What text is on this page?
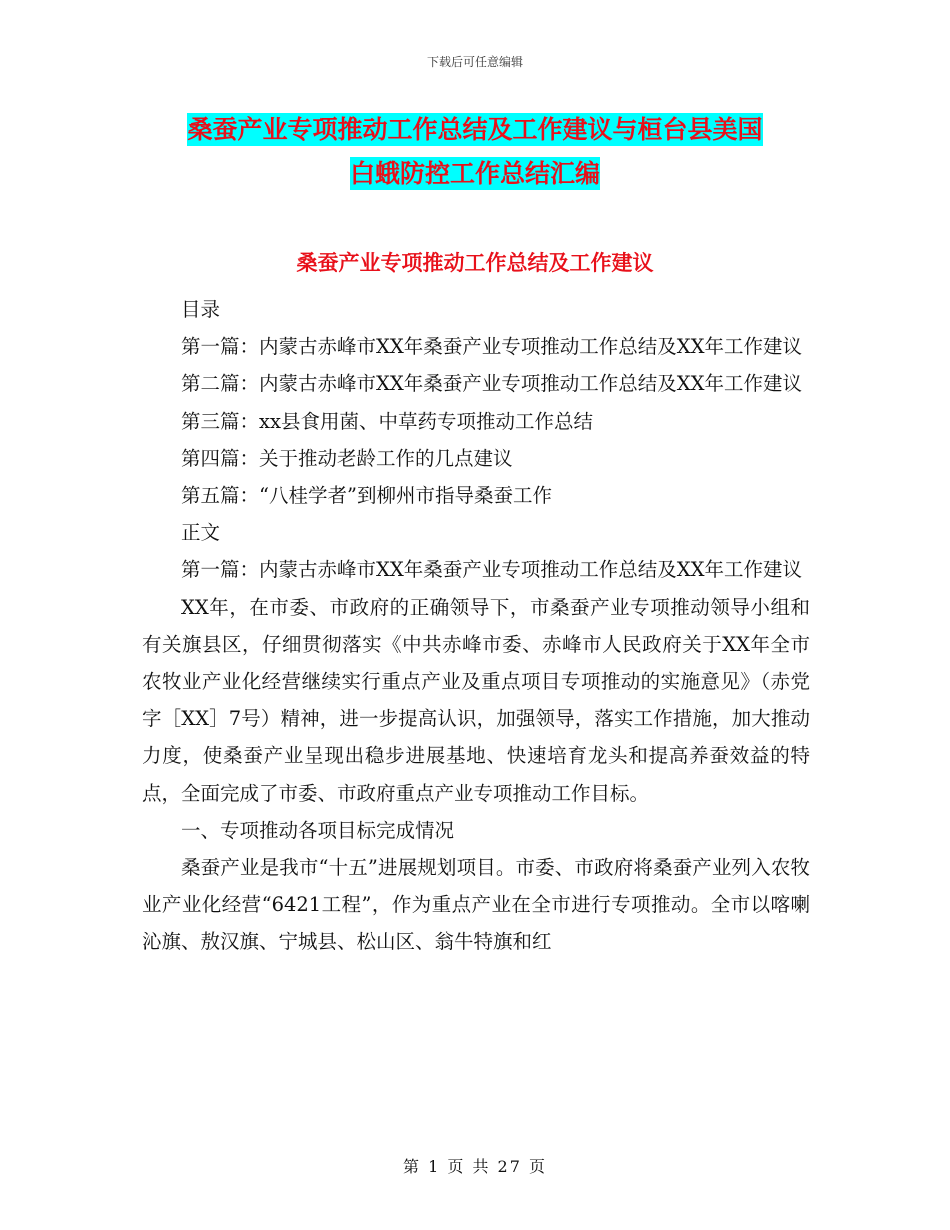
下载后可任意编辑
桑蚕产业专项推动工作总结及工作建议与桓台县美国
白蛾防控工作总结汇编
桑蚕产业专项推动工作总结及工作建议

目录

第一篇：内蒙古赤峰市XX年桑蚕产业专项推动工作总结及XX年工作建议

第二篇：内蒙古赤峰市XX年桑蚕产业专项推动工作总结及XX年工作建议

第三篇：xx县食用菌、中草药专项推动工作总结

第四篇：关于推动老龄工作的几点建议

第五篇：“八桂学者”到柳州市指导桑蚕工作

正文

第一篇：内蒙古赤峰市XX年桑蚕产业专项推动工作总结及XX年工作建议

XX年，在市委、市政府的正确领导下，市桑蚕产业专项推动领导小组和有关旗县区，仔细贯彻落实《中共赤峰市委、赤峰市人民政府关于XX年全市农牧业产业化经营继续实行重点产业及重点项目专项推动的实施意见》（赤党字［XX］7号）精神，进一步提高认识，加强领导，落实工作措施，加大推动力度，使桑蚕产业呈现出稳步进展基地、快速培育龙头和提高养蚕效益的特点，全面完成了市委、市政府重点产业专项推动工作目标。

一、专项推动各项目标完成情况

桑蚕产业是我市“十五”进展规划项目。市委、市政府将桑蚕产业列入农牧业产业化经营“6421工程”，作为重点产业在全市进行专项推动。全市以喀喇沁旗、敖汉旗、宁城县、松山区、翁牛特旗和红

第 1 页 共 27 页
